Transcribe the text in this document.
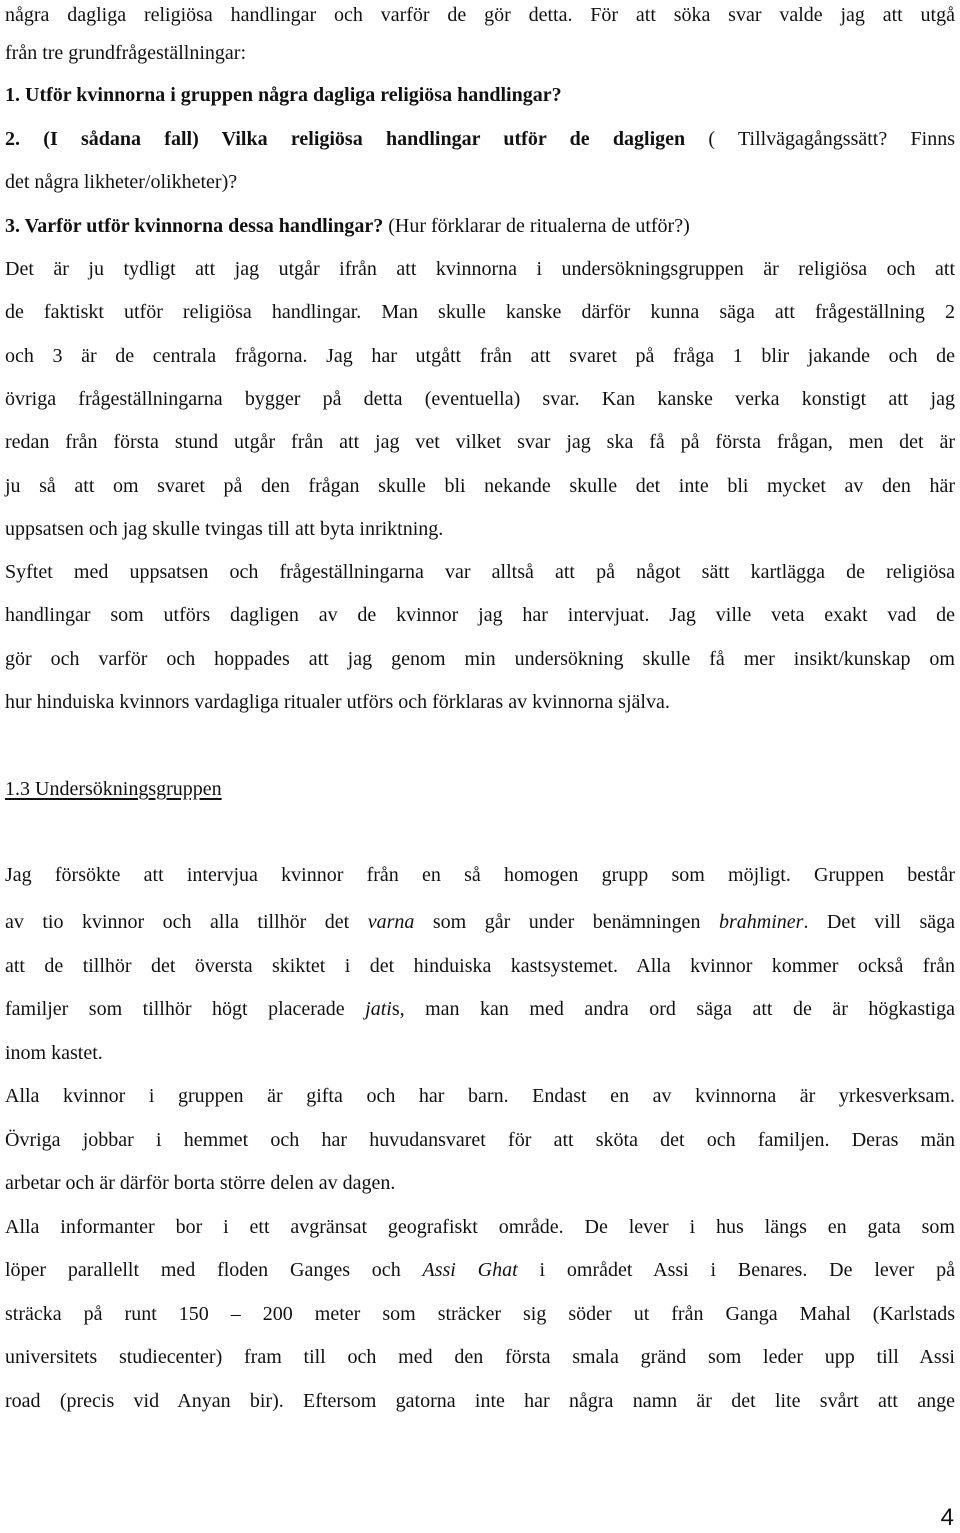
några dagliga religiösa handlingar och varför de gör detta. För att söka svar valde jag att utgå
från tre grundfrågeställningar:
1. Utför kvinnorna i gruppen några dagliga religiösa handlingar?
2. (I sådana fall) Vilka religiösa handlingar utför de dagligen ( Tillvägagångssätt? Finns
det några likheter/olikheter)?
3. Varför utför kvinnorna dessa handlingar? (Hur förklarar de ritualerna de utför?)
Det är ju tydligt att jag utgår ifrån att kvinnorna i undersökningsgruppen är religiösa och att
de faktiskt utför religiösa handlingar. Man skulle kanske därför kunna säga att frågeställning 2
och 3 är de centrala frågorna. Jag har utgått från att svaret på fråga 1 blir jakande och de
övriga frågeställningarna bygger på detta (eventuella) svar. Kan kanske verka konstigt att jag
redan från första stund utgår från att jag vet vilket svar jag ska få på första frågan, men det är
ju så att om svaret på den frågan skulle bli nekande skulle det inte bli mycket av den här
uppsatsen och jag skulle tvingas till att byta inriktning.
Syftet med uppsatsen och frågeställningarna var alltså att på något sätt kartlägga de religiösa
handlingar som utförs dagligen av de kvinnor jag har intervjuat. Jag ville veta exakt vad de
gör och varför och hoppades att jag genom min undersökning skulle få mer insikt/kunskap om
hur hinduiska kvinnors vardagliga ritualer utförs och förklaras av kvinnorna själva.
1.3 Undersökningsgruppen
Jag försökte att intervjua kvinnor från en så homogen grupp som möjligt. Gruppen består
av tio kvinnor och alla tillhör det varna som går under benämningen brahminer. Det vill säga
att de tillhör det översta skiktet i det hinduiska kastsystemet. Alla kvinnor kommer också från
familjer som tillhör högt placerade jatis, man kan med andra ord säga att de är högkastiga
inom kastet.
Alla kvinnor i gruppen är gifta och har barn. Endast en av kvinnorna är yrkesverksam.
Övriga jobbar i hemmet och har huvudansvaret för att sköta det och familjen. Deras män
arbetar och är därför borta större delen av dagen.
Alla informanter bor i ett avgränsat geografiskt område. De lever i hus längs en gata som
löper parallellt med floden Ganges och Assi Ghat i området Assi i Benares. De lever på
sträcka på runt 150 – 200 meter som sträcker sig söder ut från Ganga Mahal (Karlstads
universitets studiecenter) fram till och med den första smala gränd som leder upp till Assi
road (precis vid Anyan bir). Eftersom gatorna inte har några namn är det lite svårt att ange
4
